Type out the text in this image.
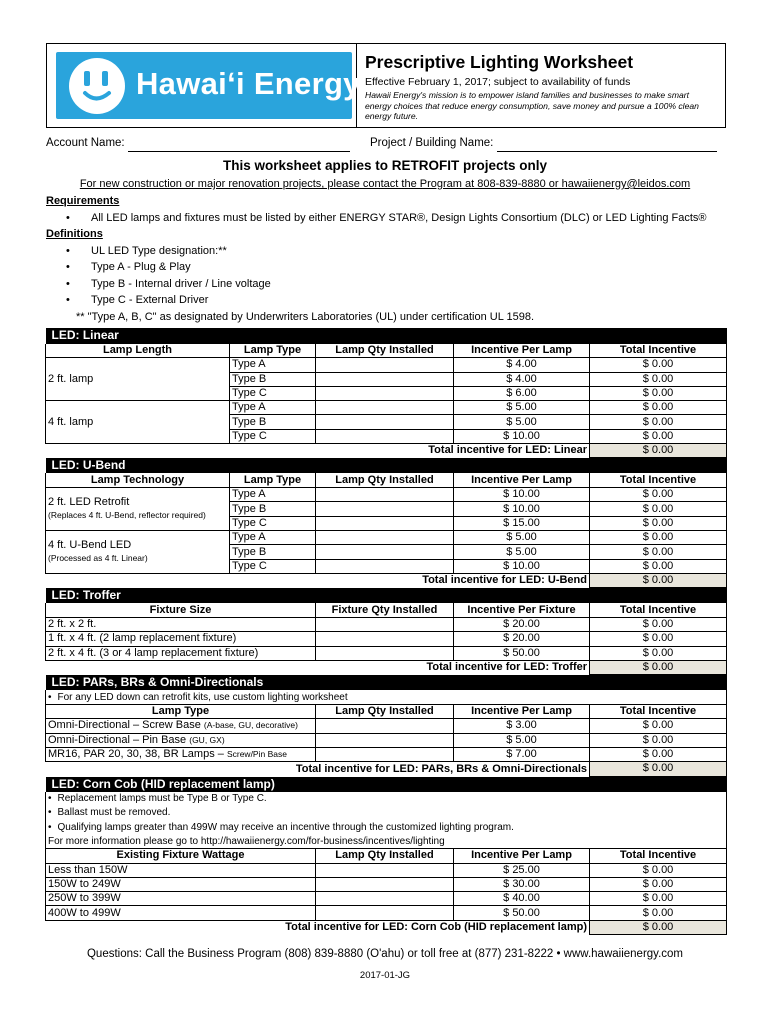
Hawaiʻi Energy
Prescriptive Lighting Worksheet
Effective February 1, 2017; subject to availability of funds
Hawaii Energy's mission is to empower island families and businesses to make smart energy choices that reduce energy consumption, save money and pursue a 100% clean energy future.
Account Name:	Project / Building Name:
This worksheet applies to RETROFIT projects only
For new construction or major renovation projects, please contact the Program at 808-839-8880 or hawaiienergy@leidos.com
Requirements
• All LED lamps and fixtures must be listed by either ENERGY STAR®, Design Lights Consortium (DLC) or LED Lighting Facts®
Definitions
• UL LED Type designation:**
• Type A - Plug & Play
• Type B - Internal driver / Line voltage
• Type C - External Driver
** "Type A, B, C" as designated by Underwriters Laboratories (UL) under certification UL 1598.
LED: Linear				
Lamp Length	Lamp Type	Lamp Qty Installed	Incentive Per Lamp	Total Incentive
2 ft. lamp	Type A		$ 4.00	$ 0.00
	Type B		$ 4.00	$ 0.00
	Type C		$ 6.00	$ 0.00
4 ft. lamp	Type A		$ 5.00	$ 0.00
	Type B		$ 5.00	$ 0.00
	Type C		$ 10.00	$ 0.00
Total incentive for LED: Linear				$ 0.00
LED: U-Bend				
Lamp Technology	Lamp Type	Lamp Qty Installed	Incentive Per Lamp	Total Incentive

2 ft. LED Retrofit
(Replaces 4 ft. U-Bend, reflector required)	Type A		$ 10.00	$ 0.00
	Type B		$ 10.00	$ 0.00
	Type C		$ 15.00	$ 0.00

4 ft. U-Bend LED
(Processed as 4 ft. Linear)	Type A		$ 5.00	$ 0.00
	Type B		$ 5.00	$ 0.00
	Type C		$ 10.00	$ 0.00
Total incentive for LED: U-Bend				$ 0.00
LED: Troffer				
Fixture Size		Fixture Qty Installed	Incentive Per Fixture	Total Incentive
2 ft. x 2 ft.			$ 20.00	$ 0.00
1 ft. x 4 ft. (2 lamp replacement fixture)			$ 20.00	$ 0.00
2 ft. x 4 ft. (3 or 4 lamp replacement fixture)			$ 50.00	$ 0.00
Total incentive for LED: Troffer				$ 0.00
LED: PARs, BRs & Omni-Directionals				
• For any LED down can retrofit kits, use custom lighting worksheet
Lamp Type		Lamp Qty Installed	Incentive Per Lamp	Total Incentive
Omni-Directional – Screw Base (A-base, GU, decorative)			$ 3.00	$ 0.00
Omni-Directional – Pin Base (GU, GX)			$ 5.00	$ 0.00
MR16, PAR 20, 30, 38, BR Lamps – Screw/Pin Base			$ 7.00	$ 0.00
Total incentive for LED: PARs, BRs & Omni-Directionals				$ 0.00
LED: Corn Cob (HID replacement lamp)				
• Replacement lamps must be Type B or Type C.
• Ballast must be removed.
• Qualifying lamps greater than 499W may receive an incentive through the customized lighting program.
For more information please go to http://hawaiienergy.com/for-business/incentives/lighting				
Existing Fixture Wattage		Lamp Qty Installed	Incentive Per Lamp	Total Incentive
Less than 150W			$ 25.00	$ 0.00
150W to 249W			$ 30.00	$ 0.00
250W to 399W			$ 40.00	$ 0.00
400W to 499W			$ 50.00	$ 0.00
Total incentive for LED: Corn Cob (HID replacement lamp)				$ 0.00
Questions: Call the Business Program (808) 839-8880 (O'ahu) or toll free at (877) 231-8222 • www.hawaiienergy.com
2017-01-JG
